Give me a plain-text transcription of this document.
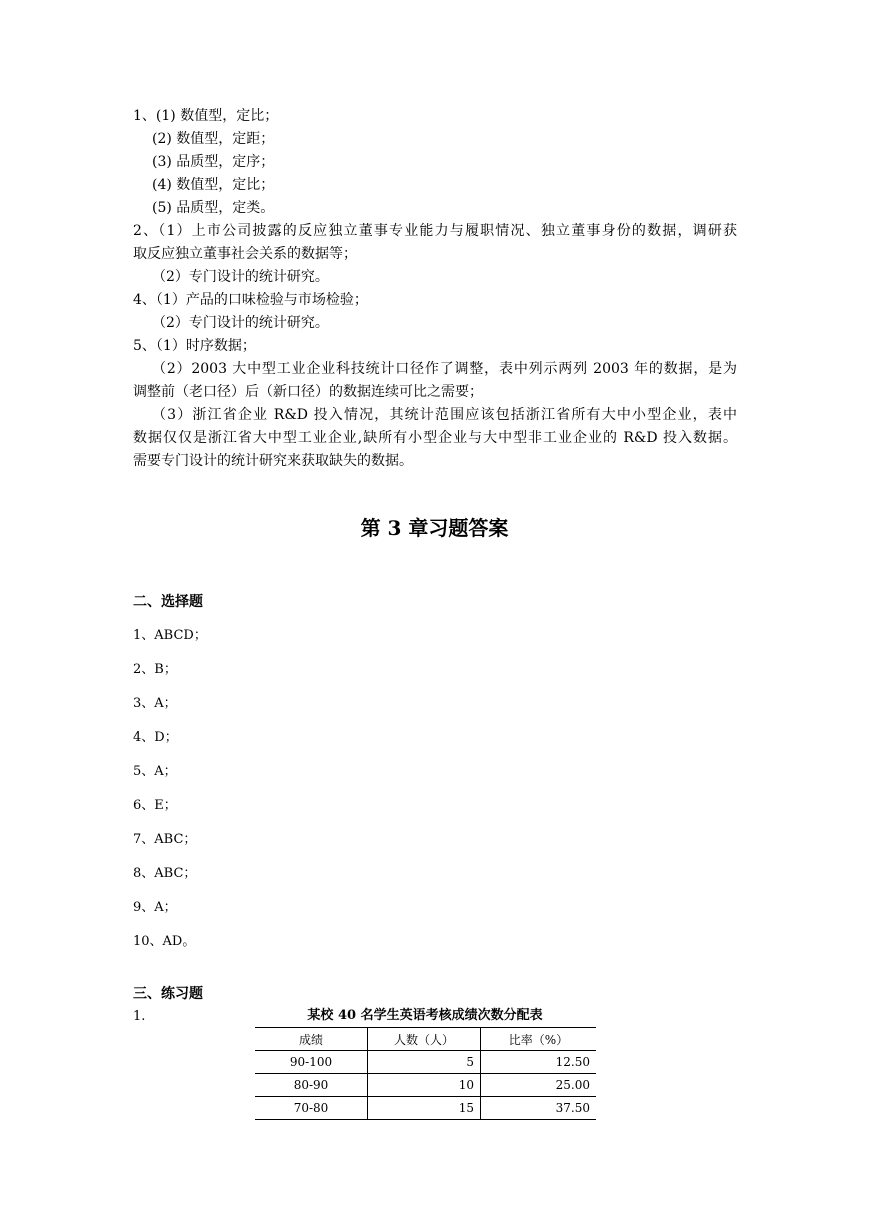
1、(1) 数值型，定比；
(2) 数值型，定距；
(3) 品质型，定序；
(4) 数值型，定比；
(5) 品质型，定类。
2、（1）上市公司披露的反应独立董事专业能力与履职情况、独立董事身份的数据，调研获
取反应独立董事社会关系的数据等；
（2）专门设计的统计研究。
4、（1）产品的口味检验与市场检验；
（2）专门设计的统计研究。
5、（1）时序数据；
（2）2003 大中型工业企业科技统计口径作了调整，表中列示两列 2003 年的数据，是为
调整前（老口径）后（新口径）的数据连续可比之需要；
（3）浙江省企业 R&D 投入情况，其统计范围应该包括浙江省所有大中小型企业，表中
数据仅仅是浙江省大中型工业企业,缺所有小型企业与大中型非工业企业的 R&D 投入数据。
需要专门设计的统计研究来获取缺失的数据。
第 3 章习题答案
二、选择题
1、ABCD；
2、B；
3、A；
4、D；
5、A；
6、E；
7、ABC；
8、ABC；
9、A；
10、AD。
三、练习题
1.	某校 40 名学生英语考核成绩次数分配表
成绩	人数（人）	比率（%）
90-100	5	12.50
80-90	10	25.00
70-80	15	37.50
